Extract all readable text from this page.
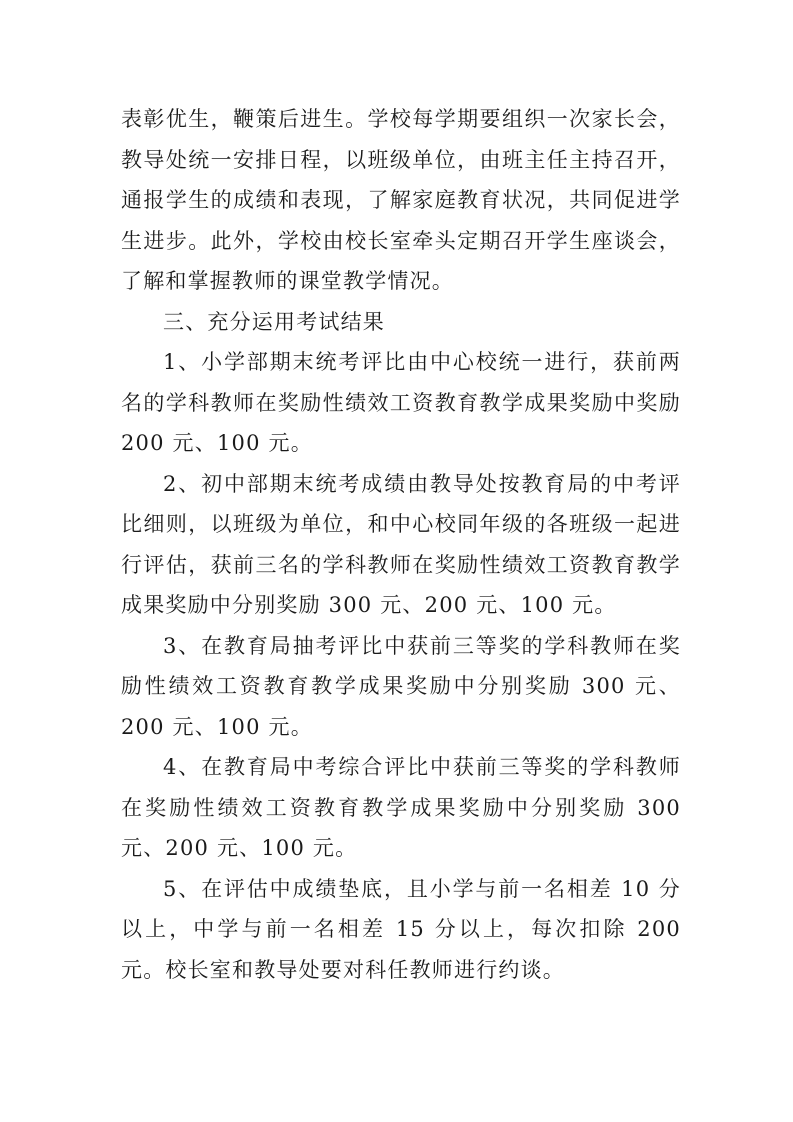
表彰优生，鞭策后进生。学校每学期要组织一次家长会，教导处统一安排日程，以班级单位，由班主任主持召开，通报学生的成绩和表现，了解家庭教育状况，共同促进学生进步。此外，学校由校长室牵头定期召开学生座谈会，了解和掌握教师的课堂教学情况。

三、充分运用考试结果

1、小学部期末统考评比由中心校统一进行，获前两名的学科教师在奖励性绩效工资教育教学成果奖励中奖励 200 元、100 元。

2、初中部期末统考成绩由教导处按教育局的中考评比细则，以班级为单位，和中心校同年级的各班级一起进行评估，获前三名的学科教师在奖励性绩效工资教育教学成果奖励中分别奖励 300 元、200 元、100 元。

3、在教育局抽考评比中获前三等奖的学科教师在奖励性绩效工资教育教学成果奖励中分别奖励 300 元、200 元、100 元。

4、在教育局中考综合评比中获前三等奖的学科教师在奖励性绩效工资教育教学成果奖励中分别奖励 300 元、200 元、100 元。

5、在评估中成绩垫底，且小学与前一名相差 10 分以上，中学与前一名相差 15 分以上，每次扣除 200 元。校长室和教导处要对科任教师进行约谈。
